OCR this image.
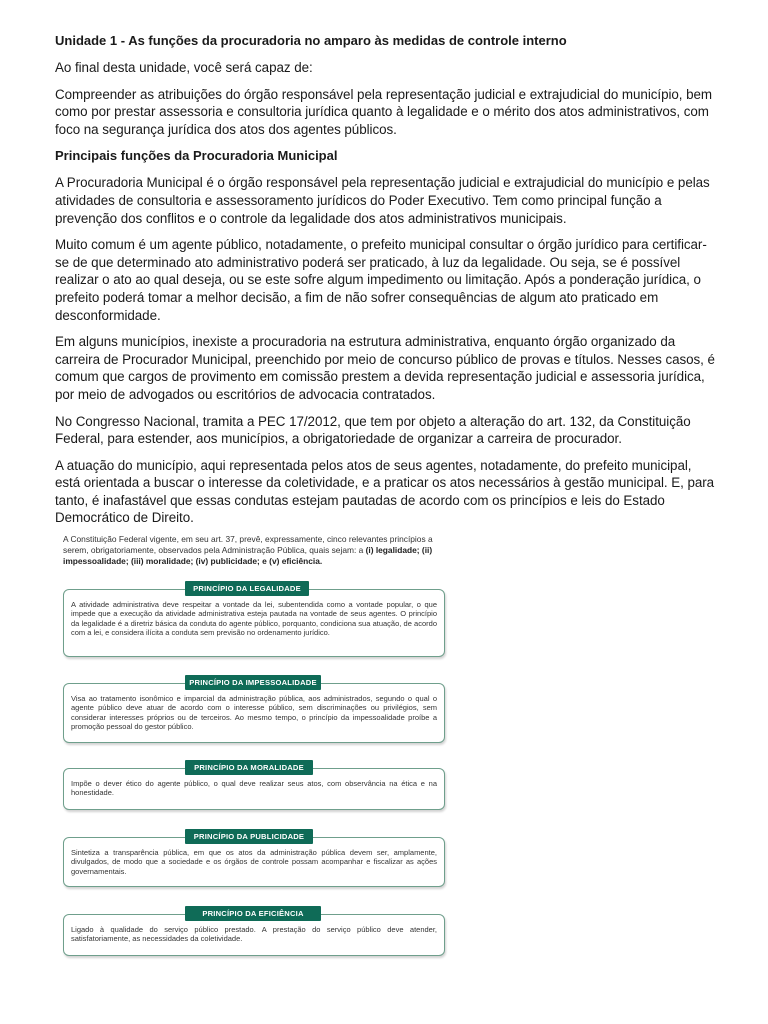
Unidade 1 - As funções da procuradoria no amparo às medidas de controle interno

Ao final desta unidade, você será capaz de:

Compreender as atribuições do órgão responsável pela representação judicial e extrajudicial do município, bem como por prestar assessoria e consultoria jurídica quanto à legalidade e o mérito dos atos administrativos, com foco na segurança jurídica dos atos dos agentes públicos.

Principais funções da Procuradoria Municipal

A Procuradoria Municipal é o órgão responsável pela representação judicial e extrajudicial do município e pelas atividades de consultoria e assessoramento jurídicos do Poder Executivo. Tem como principal função a prevenção dos conflitos e o controle da legalidade dos atos administrativos municipais.

Muito comum é um agente público, notadamente, o prefeito municipal consultar o órgão jurídico para certificar-se de que determinado ato administrativo poderá ser praticado, à luz da legalidade. Ou seja, se é possível realizar o ato ao qual deseja, ou se este sofre algum impedimento ou limitação. Após a ponderação jurídica, o prefeito poderá tomar a melhor decisão, a fim de não sofrer consequências de algum ato praticado em desconformidade.

Em alguns municípios, inexiste a procuradoria na estrutura administrativa, enquanto órgão organizado da carreira de Procurador Municipal, preenchido por meio de concurso público de provas e títulos. Nesses casos, é comum que cargos de provimento em comissão prestem a devida representação judicial e assessoria jurídica, por meio de advogados ou escritórios de advocacia contratados.

No Congresso Nacional, tramita a PEC 17/2012, que tem por objeto a alteração do art. 132, da Constituição Federal, para estender, aos municípios, a obrigatoriedade de organizar a carreira de procurador.

A atuação do município, aqui representada pelos atos de seus agentes, notadamente, do prefeito municipal, está orientada a buscar o interesse da coletividade, e a praticar os atos necessários à gestão municipal. E, para tanto, é inafastável que essas condutas estejam pautadas de acordo com os princípios e leis do Estado Democrático de Direito.

A Constituição Federal vigente, em seu art. 37, prevê, expressamente, cinco relevantes princípios a serem, obrigatoriamente, observados pela Administração Pública, quais sejam: a (i) legalidade; (ii) impessoalidade; (iii) moralidade; (iv) publicidade; e (v) eficiência.

PRINCÍPIO DA LEGALIDADE
A atividade administrativa deve respeitar a vontade da lei, subentendida como a vontade popular, o que impede que a execução da atividade administrativa esteja pautada na vontade de seus agentes. O princípio da legalidade é a diretriz básica da conduta do agente público, porquanto, condiciona sua atuação, de acordo com a lei, e considera ilícita a conduta sem previsão no ordenamento jurídico.
PRINCÍPIO DA IMPESSOALIDADE
Visa ao tratamento isonômico e imparcial da administração pública, aos administrados, segundo o qual o agente público deve atuar de acordo com o interesse público, sem discriminações ou privilégios, sem considerar interesses próprios ou de terceiros. Ao mesmo tempo, o princípio da impessoalidade proíbe a promoção pessoal do gestor público.
PRINCÍPIO DA MORALIDADE
Impõe o dever ético do agente público, o qual deve realizar seus atos, com observância na ética e na honestidade.
PRINCÍPIO DA PUBLICIDADE
Sintetiza a transparência pública, em que os atos da administração pública devem ser, amplamente, divulgados, de modo que a sociedade e os órgãos de controle possam acompanhar e fiscalizar as ações governamentais.
PRINCÍPIO DA EFICIÊNCIA
Ligado à qualidade do serviço público prestado. A prestação do serviço público deve atender, satisfatoriamente, as necessidades da coletividade.
